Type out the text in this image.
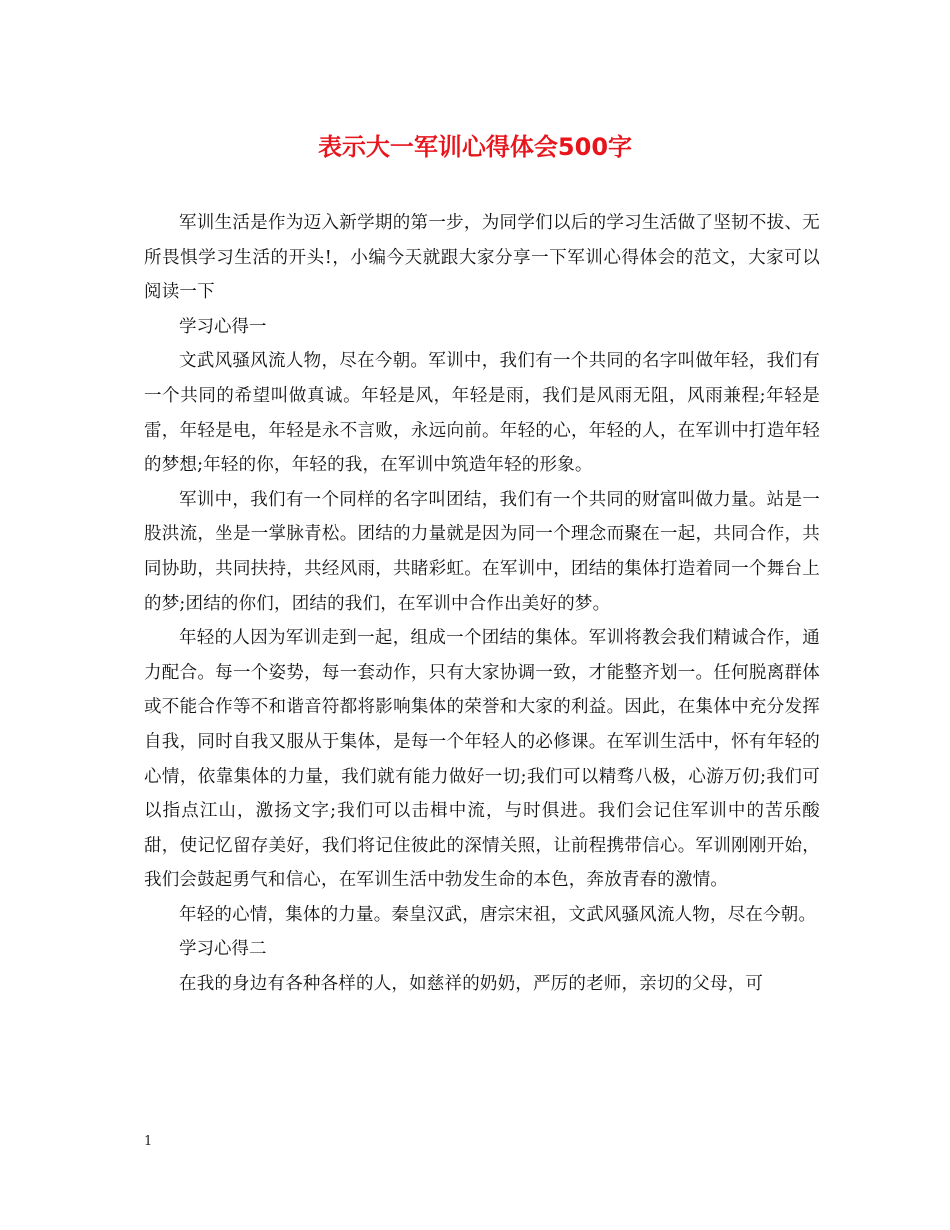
表示大一军训心得体会500字

军训生活是作为迈入新学期的第一步，为同学们以后的学习生活做了坚韧不拔、无所畏惧学习生活的开头!，小编今天就跟大家分享一下军训心得体会的范文，大家可以阅读一下

学习心得一

文武风骚风流人物，尽在今朝。军训中，我们有一个共同的名字叫做年轻，我们有一个共同的希望叫做真诚。年轻是风，年轻是雨，我们是风雨无阻，风雨兼程;年轻是雷，年轻是电，年轻是永不言败，永远向前。年轻的心，年轻的人，在军训中打造年轻的梦想;年轻的你，年轻的我，在军训中筑造年轻的形象。

军训中，我们有一个同样的名字叫团结，我们有一个共同的财富叫做力量。站是一股洪流，坐是一掌脉青松。团结的力量就是因为同一个理念而聚在一起，共同合作，共同协助，共同扶持，共经风雨，共睹彩虹。在军训中，团结的集体打造着同一个舞台上的梦;团结的你们，团结的我们，在军训中合作出美好的梦。

年轻的人因为军训走到一起，组成一个团结的集体。军训将教会我们精诚合作，通力配合。每一个姿势，每一套动作，只有大家协调一致，才能整齐划一。任何脱离群体或不能合作等不和谐音符都将影响集体的荣誉和大家的利益。因此，在集体中充分发挥自我，同时自我又服从于集体，是每一个年轻人的必修课。在军训生活中，怀有年轻的心情，依靠集体的力量，我们就有能力做好一切;我们可以精骛八极，心游万仞;我们可以指点江山，激扬文字;我们可以击楫中流，与时俱进。我们会记住军训中的苦乐酸甜，使记忆留存美好，我们将记住彼此的深情关照，让前程携带信心。军训刚刚开始，我们会鼓起勇气和信心，在军训生活中勃发生命的本色，奔放青春的激情。

年轻的心情，集体的力量。秦皇汉武，唐宗宋祖，文武风骚风流人物，尽在今朝。

学习心得二

在我的身边有各种各样的人，如慈祥的奶奶，严厉的老师，亲切的父母，可

1
